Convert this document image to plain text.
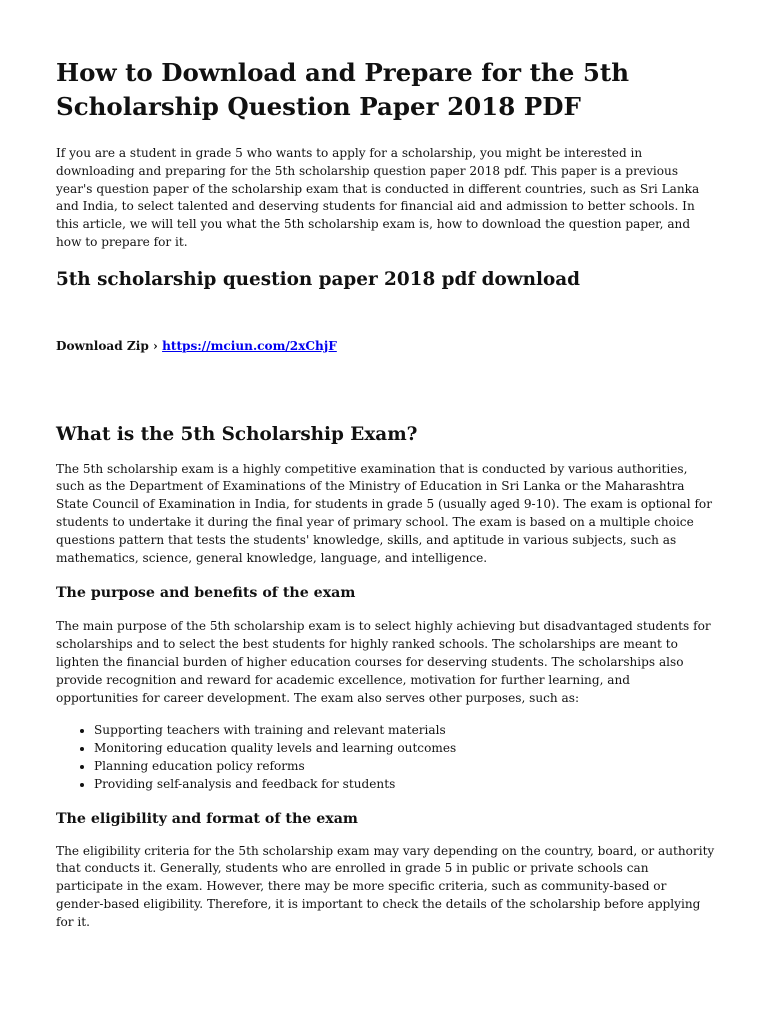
How to Download and Prepare for the 5th Scholarship Question Paper 2018 PDF

If you are a student in grade 5 who wants to apply for a scholarship, you might be interested in downloading and preparing for the 5th scholarship question paper 2018 pdf. This paper is a previous year's question paper of the scholarship exam that is conducted in different countries, such as Sri Lanka and India, to select talented and deserving students for financial aid and admission to better schools. In this article, we will tell you what the 5th scholarship exam is, how to download the question paper, and how to prepare for it.

5th scholarship question paper 2018 pdf download
Download Zip › https://mciun.com/2xChjF
What is the 5th Scholarship Exam?

The 5th scholarship exam is a highly competitive examination that is conducted by various authorities, such as the Department of Examinations of the Ministry of Education in Sri Lanka or the Maharashtra State Council of Examination in India, for students in grade 5 (usually aged 9-10). The exam is optional for students to undertake it during the final year of primary school. The exam is based on a multiple choice questions pattern that tests the students' knowledge, skills, and aptitude in various subjects, such as mathematics, science, general knowledge, language, and intelligence.

The purpose and benefits of the exam

The main purpose of the 5th scholarship exam is to select highly achieving but disadvantaged students for scholarships and to select the best students for highly ranked schools. The scholarships are meant to lighten the financial burden of higher education courses for deserving students. The scholarships also provide recognition and reward for academic excellence, motivation for further learning, and opportunities for career development. The exam also serves other purposes, such as:

• Supporting teachers with training and relevant materials
• Monitoring education quality levels and learning outcomes
• Planning education policy reforms
• Providing self-analysis and feedback for students
The eligibility and format of the exam

The eligibility criteria for the 5th scholarship exam may vary depending on the country, board, or authority that conducts it. Generally, students who are enrolled in grade 5 in public or private schools can participate in the exam. However, there may be more specific criteria, such as community-based or gender-based eligibility. Therefore, it is important to check the details of the scholarship before applying for it.
